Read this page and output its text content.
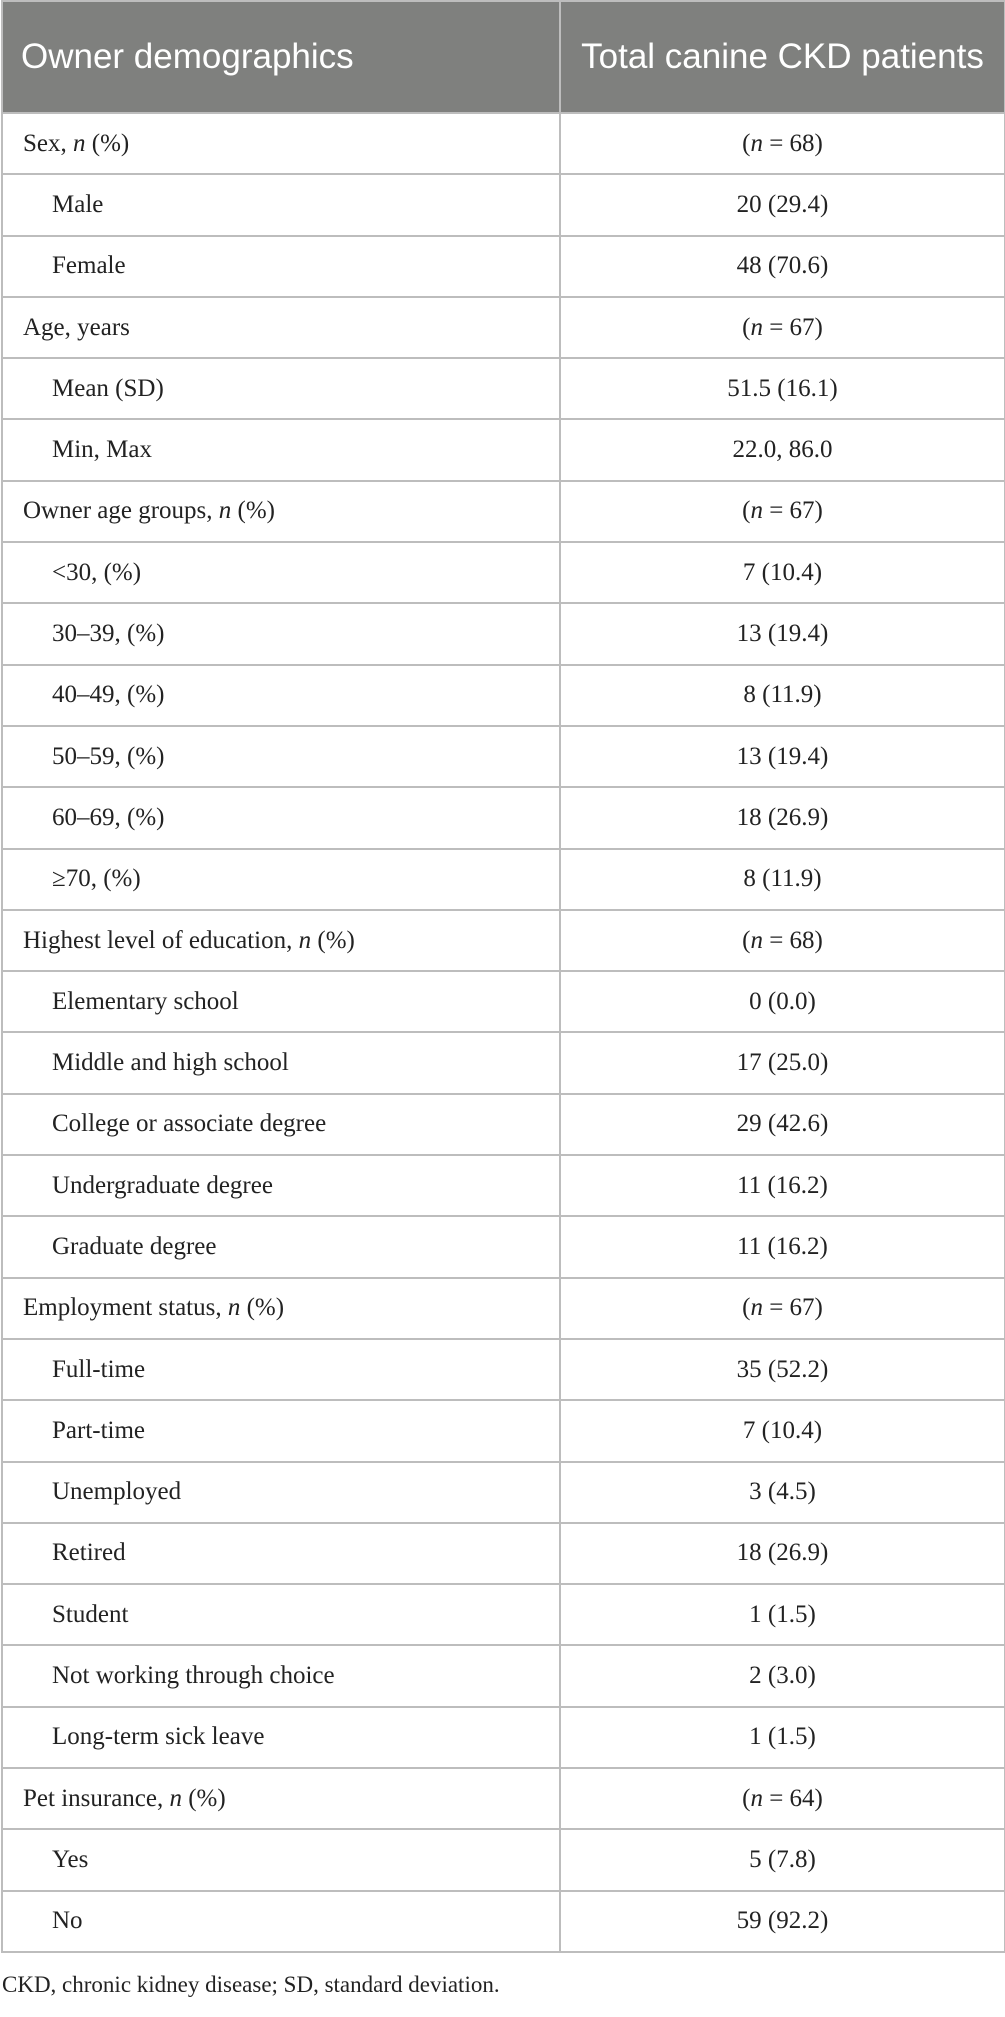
Owner demographics	Total canine CKD patients
Sex, n (%)	(n = 68)
Male	20 (29.4)
Female	48 (70.6)
Age, years	(n = 67)
Mean (SD)	51.5 (16.1)
Min, Max	22.0, 86.0
Owner age groups, n (%)	(n = 67)
<30, (%)	7 (10.4)
30–39, (%)	13 (19.4)
40–49, (%)	8 (11.9)
50–59, (%)	13 (19.4)
60–69, (%)	18 (26.9)
≥70, (%)	8 (11.9)
Highest level of education, n (%)	(n = 68)
Elementary school	0 (0.0)
Middle and high school	17 (25.0)
College or associate degree	29 (42.6)
Undergraduate degree	11 (16.2)
Graduate degree	11 (16.2)
Employment status, n (%)	(n = 67)
Full-time	35 (52.2)
Part-time	7 (10.4)
Unemployed	3 (4.5)
Retired	18 (26.9)
Student	1 (1.5)
Not working through choice	2 (3.0)
Long-term sick leave	1 (1.5)
Pet insurance, n (%)	(n = 64)
Yes	5 (7.8)
No	59 (92.2)
CKD, chronic kidney disease; SD, standard deviation.
